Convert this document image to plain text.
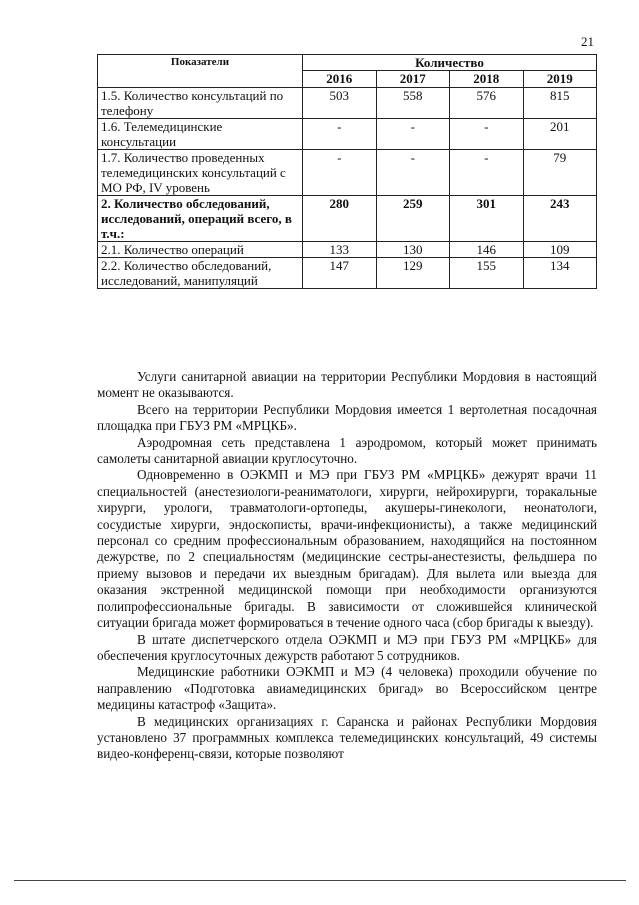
21
Показатели	Количество			
	2016	2017	2018	2019
1.5. Количество консультаций по телефону	503	558	576	815
1.6. Телемедицинские консультации	-	-	-	201
1.7. Количество проведенных телемедицинских консультаций с МО РФ, IV уровень	-	-	-	79
2. Количество обследований, исследований, операций всего, в т.ч.:	280	259	301	243
2.1. Количество операций	133	130	146	109
2.2. Количество обследований, исследований, манипуляций	147	129	155	134

Услуги санитарной авиации на территории Республики Мордовия в настоящий момент не оказываются.

Всего на территории Республики Мордовия имеется 1 вертолетная посадочная площадка при ГБУЗ РМ «МРЦКБ».

Аэродромная сеть представлена 1 аэродромом, который может принимать самолеты санитарной авиации круглосуточно.

Одновременно в ОЭКМП и МЭ при ГБУЗ РМ «МРЦКБ» дежурят врачи 11 специальностей (анестезиологи-реаниматологи, хирурги, нейрохирурги, торакальные хирурги, урологи, травматологи-ортопеды, акушеры-гинекологи, неонатологи, сосудистые хирурги, эндоскописты, врачи-инфекционисты), а также медицинский персонал со средним профессиональным образованием, находящийся на постоянном дежурстве, по 2 специальностям (медицинские сестры-анестезисты, фельдшера по приему вызовов и передачи их выездным бригадам). Для вылета или выезда для оказания экстренной медицинской помощи при необходимости организуются полипрофессиональные бригады. В зависимости от сложившейся клинической ситуации бригада может формироваться в течение одного часа (сбор бригады к выезду).

В штате диспетчерского отдела ОЭКМП и МЭ при ГБУЗ РМ «МРЦКБ» для обеспечения круглосуточных дежурств работают 5 сотрудников.

Медицинские работники ОЭКМП и МЭ (4 человека) проходили обучение по направлению «Подготовка авиамедицинских бригад» во Всероссийском центре медицины катастроф «Защита».

В медицинских организациях г. Саранска и районах Республики Мордовия установлено 37 программных комплекса телемедицинских консультаций, 49 системы видео-конференц-связи, которые позволяют
